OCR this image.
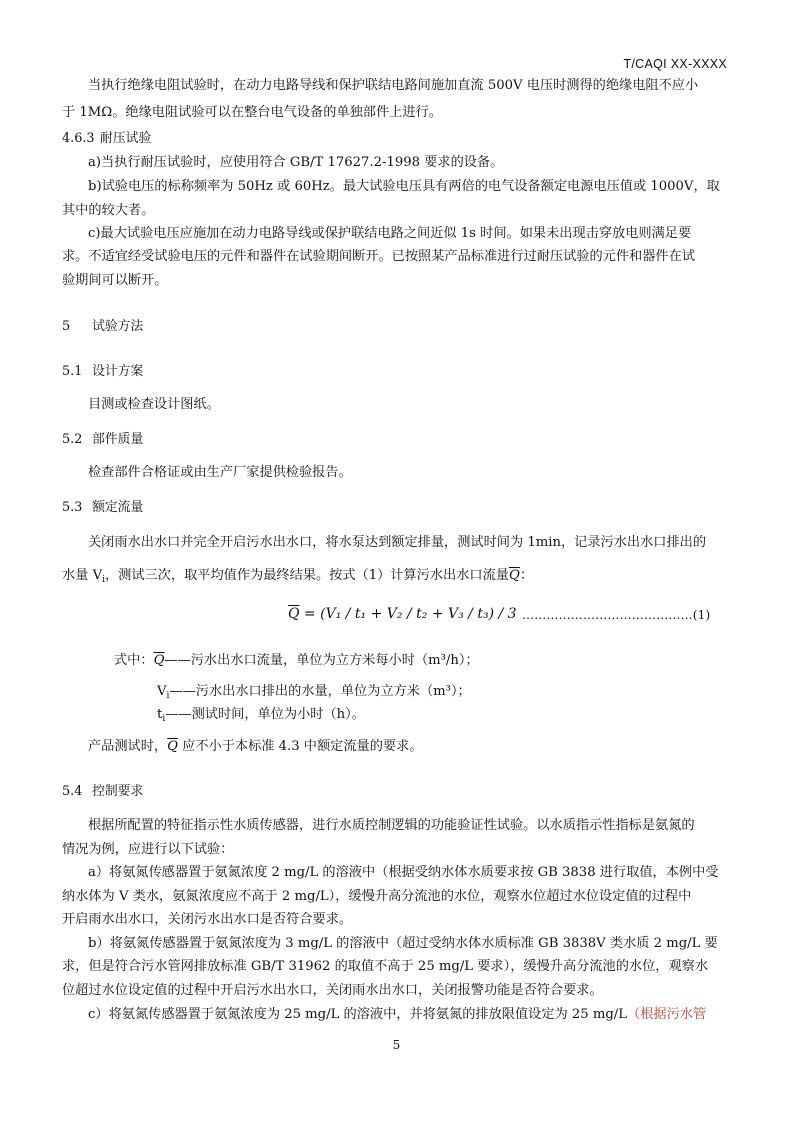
T/CAQI XX-XXXX
当执行绝缘电阻试验时，在动力电路导线和保护联结电路间施加直流 500V 电压时测得的绝缘电阻不应小
于 1MΩ。绝缘电阻试验可以在整台电气设备的单独部件上进行。
4.6.3 耐压试验
a)当执行耐压试验时，应使用符合 GB/T 17627.2-1998 要求的设备。
b)试验电压的标称频率为 50Hz 或 60Hz。最大试验电压具有两倍的电气设备额定电源电压值或 1000V，取
其中的较大者。
c)最大试验电压应施加在动力电路导线或保护联结电路之间近似 1s 时间。如果未出现击穿放电则满足要
求。不适宜经受试验电压的元件和器件在试验期间断开。已按照某产品标准进行过耐压试验的元件和器件在试
验期间可以断开。
5 试验方法
5.1 设计方案
目测或检查设计图纸。
5.2 部件质量
检查部件合格证或由生产厂家提供检验报告。
5.3 额定流量
关闭雨水出水口并完全开启污水出水口，将水泵达到额定排量，测试时间为 1min，记录污水出水口排出的
水量 $V_i$，测试三次，取平均值作为最终结果。按式（1）计算污水出水口流量$\overline{Q}$：
$\overline{Q} = (V_1 / t_1 + V_2 / t_2 + V_3 / t_3) / 3$ ……………………………………(1)
式中：$\overline{Q}——$污水出水口流量，单位为立方米每小时（m³/h）；
$V_i——$污水出水口排出的水量，单位为立方米（m³）；
$t_i——$测试时间，单位为小时（h）。
产品测试时，$\overline{Q}$ 应不小于本标准 4.3 中额定流量的要求。
5.4 控制要求
根据所配置的特征指示性水质传感器，进行水质控制逻辑的功能验证性试验。以水质指示性指标是氨氮的
情况为例，应进行以下试验：
a）将氨氮传感器置于氨氮浓度 2 mg/L 的溶液中（根据受纳水体水质要求按 GB 3838 进行取值，本例中受
纳水体为 V 类水，氨氮浓度应不高于 2 mg/L），缓慢升高分流池的水位，观察水位超过水位设定值的过程中
开启雨水出水口，关闭污水出水口是否符合要求。
b）将氨氮传感器置于氨氮浓度为 3 mg/L 的溶液中（超过受纳水体水质标准 GB 3838V 类水质 2 mg/L 要
求，但是符合污水管网排放标准 GB/T 31962 的取值不高于 25 mg/L 要求），缓慢升高分流池的水位，观察水
位超过水位设定值的过程中开启污水出水口，关闭雨水出水口，关闭报警功能是否符合要求。
c）将氨氮传感器置于氨氮浓度为 25 mg/L 的溶液中，并将氨氮的排放限值设定为 25 mg/L（根据污水管
5
